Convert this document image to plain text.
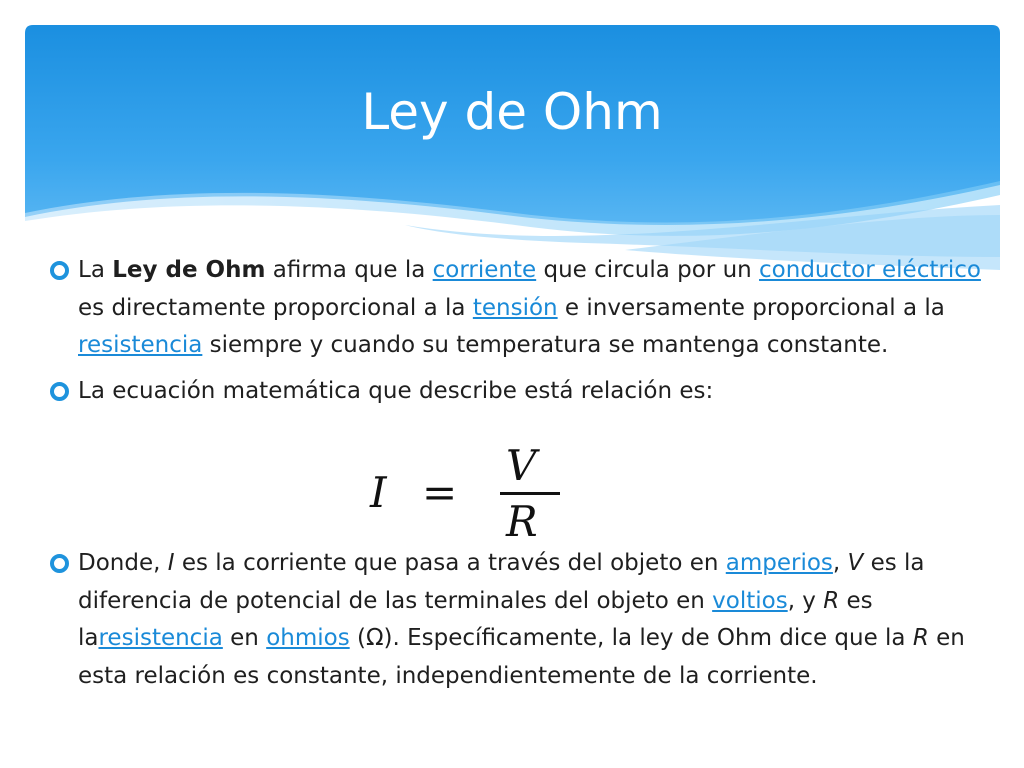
Ley de Ohm

La Ley de Ohm afirma que la corriente que circula por un conductor eléctrico es directamente proporcional a la tensión e inversamente proporcional a la resistencia siempre y cuando su temperatura se mantenga constante.

La ecuación matemática que describe está relación es:

I =
V
R

Donde, I es la corriente que pasa a través del objeto en amperios, V es la diferencia de potencial de las terminales del objeto en voltios, y R es laresistencia en ohmios (Ω). Específicamente, la ley de Ohm dice que la R en esta relación es constante, independientemente de la corriente.
